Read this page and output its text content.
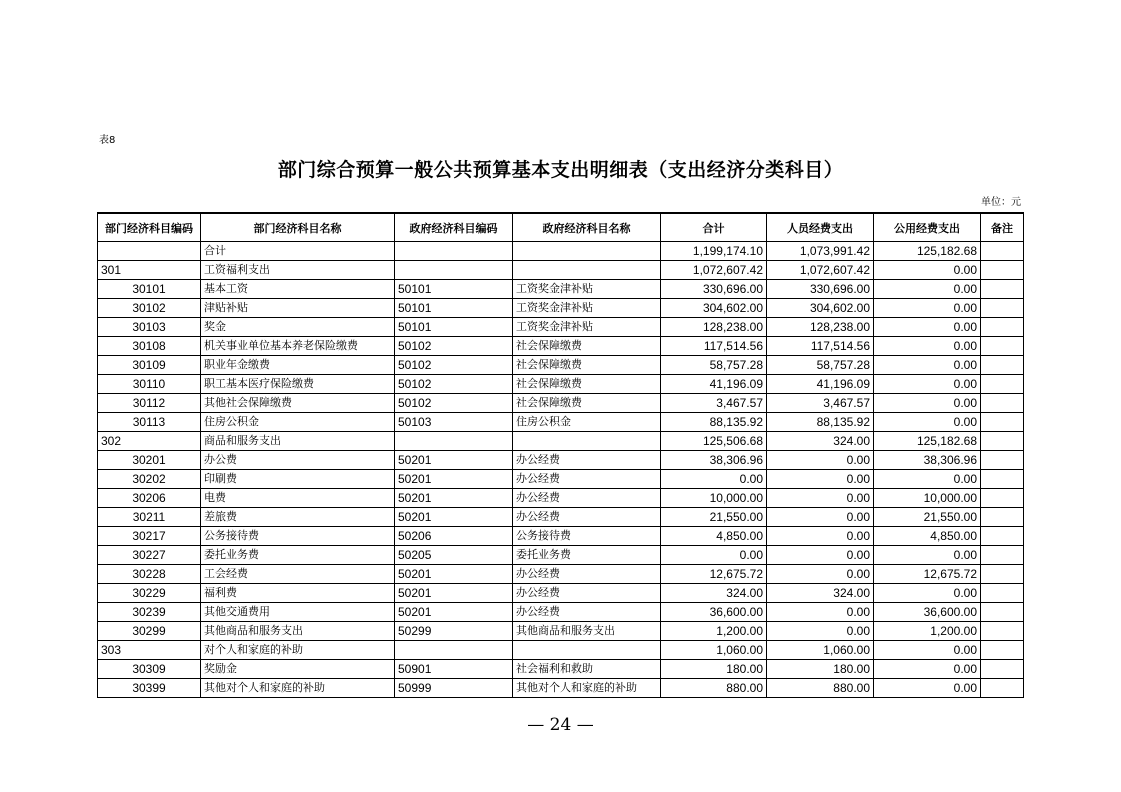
表8
部门综合预算一般公共预算基本支出明细表（支出经济分类科目）
单位：元
部门经济科目编码	部门经济科目名称	政府经济科目编码	政府经济科目名称	合计	人员经费支出	公用经费支出	备注
	合计			1,199,174.10	1,073,991.42	125,182.68	
301	工资福利支出			1,072,607.42	1,072,607.42	0.00	
30101	基本工资	50101	工资奖金津补贴	330,696.00	330,696.00	0.00	
30102	津贴补贴	50101	工资奖金津补贴	304,602.00	304,602.00	0.00	
30103	奖金	50101	工资奖金津补贴	128,238.00	128,238.00	0.00	
30108	机关事业单位基本养老保险缴费	50102	社会保障缴费	117,514.56	117,514.56	0.00	
30109	职业年金缴费	50102	社会保障缴费	58,757.28	58,757.28	0.00	
30110	职工基本医疗保险缴费	50102	社会保障缴费	41,196.09	41,196.09	0.00	
30112	其他社会保障缴费	50102	社会保障缴费	3,467.57	3,467.57	0.00	
30113	住房公积金	50103	住房公积金	88,135.92	88,135.92	0.00	
302	商品和服务支出			125,506.68	324.00	125,182.68	
30201	办公费	50201	办公经费	38,306.96	0.00	38,306.96	
30202	印刷费	50201	办公经费	0.00	0.00	0.00	
30206	电费	50201	办公经费	10,000.00	0.00	10,000.00	
30211	差旅费	50201	办公经费	21,550.00	0.00	21,550.00	
30217	公务接待费	50206	公务接待费	4,850.00	0.00	4,850.00	
30227	委托业务费	50205	委托业务费	0.00	0.00	0.00	
30228	工会经费	50201	办公经费	12,675.72	0.00	12,675.72	
30229	福利费	50201	办公经费	324.00	324.00	0.00	
30239	其他交通费用	50201	办公经费	36,600.00	0.00	36,600.00	
30299	其他商品和服务支出	50299	其他商品和服务支出	1,200.00	0.00	1,200.00	
303	对个人和家庭的补助			1,060.00	1,060.00	0.00	
30309	奖励金	50901	社会福利和救助	180.00	180.00	0.00	
30399	其他对个人和家庭的补助	50999	其他对个人和家庭的补助	880.00	880.00	0.00	
— 24 —
